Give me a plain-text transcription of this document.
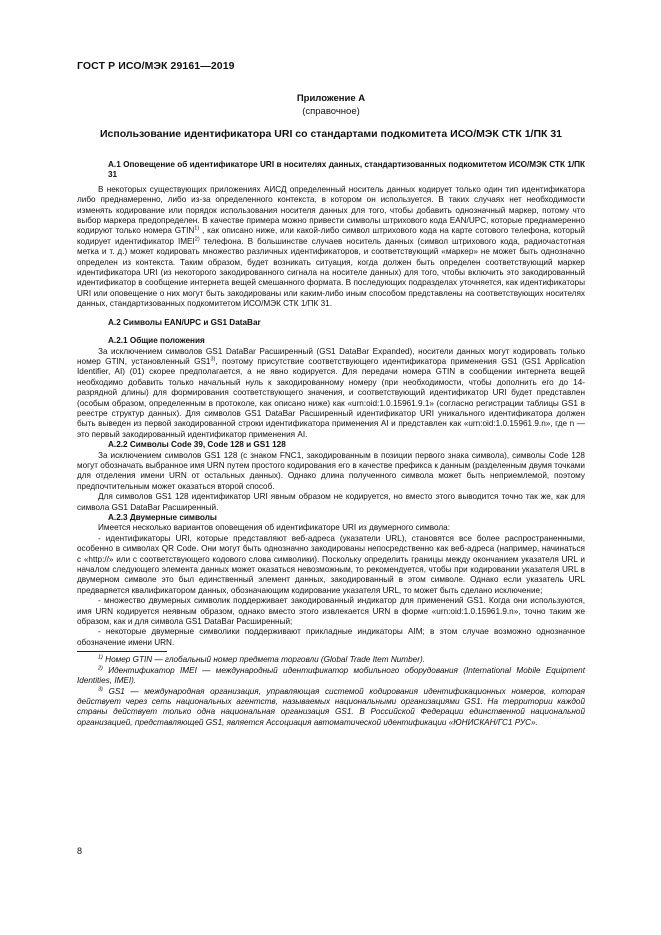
ГОСТ Р ИСО/МЭК 29161—2019
Приложение А
(справочное)
Использование идентификатора URI со стандартами подкомитета ИСО/МЭК СТК 1/ПК 31

А.1 Оповещение об идентификаторе URI в носителях данных, стандартизованных подкомитетом ИСО/МЭК СТК 1/ПК 31

В некоторых существующих приложениях АИСД определенный носитель данных кодирует только один тип идентификатора либо преднамеренно, либо из-за определенного контекста, в котором он используется. В таких случаях нет необходимости изменять кодирование или порядок использования носителя данных для того, чтобы добавить однозначный маркер, потому что выбор маркера предопределен. В качестве примера можно привести символы штрихового кода EAN/UPC, которые преднамеренно кодируют только номера GTIN$^{1)}$ , как описано ниже, или какой-либо символ штрихового кода на карте сотового телефона, который кодирует идентификатор IMEI$^{2)}$ телефона. В большинстве случаев носитель данных (символ штрихового кода, радиочастотная метка и т. д.) может кодировать множество различных идентификаторов, и соответствующий «маркер» не может быть однозначно определен из контекста. Таким образом, будет возникать ситуация, когда должен быть определен соответствующий маркер идентификатора URI (из некоторого закодированного сигнала на носителе данных) для того, чтобы включить это закодированный идентификатор в сообщение интернета вещей смешанного формата. В последующих подразделах уточняется, как идентификаторы URI или оповещение о них могут быть закодированы или каким-либо иным способом представлены на соответствующих носителях данных, стандартизованных подкомитетом ИСО/МЭК СТК 1/ПК 31.

А.2 Символы EAN/UPC и GS1 DataBar

А.2.1 Общие положения

За исключением символов GS1 DataBar Расширенный (GS1 DataBar Expanded), носители данных могут кодировать только номер GTIN, установленный GS1$^{3)}$, поэтому присутствие соответствующего идентификатора применения GS1 (GS1 Application Identifier, AI) (01) скорее предполагается, а не явно кодируется. Для передачи номера GTIN в сообщении интернета вещей необходимо добавить только начальный нуль к закодированному номеру (при необходимости, чтобы дополнить его до 14-разрядной длины) для формирования соответствующего значения, и соответствующий идентификатор URI будет представлен (особым образом, определенным в протоколе, как описано ниже) как «urn:oid:1.0.15961.9.1» (согласно регистрации таблицы GS1 в реестре структур данных). Для символов GS1 DataBar Расширенный идентификатор URI уникального идентификатора должен быть выведен из первой закодированной строки идентификатора применения AI и представлен как «urn:oid:1.0.15961.9.n», где n — это первый закодированный идентификатор применения AI.

А.2.2 Символы Code 39, Code 128 и GS1 128

За исключением символов GS1 128 (с знаком FNC1, закодированным в позиции первого знака символа), символы Code 128 могут обозначать выбранное имя URN путем простого кодирования его в качестве префикса к данным (разделенным двумя точками для отделения имени URN от остальных данных). Однако длина полученного символа может быть неприемлемой, поэтому предпочтительным может оказаться второй способ.

Для символов GS1 128 идентификатор URI явным образом не кодируется, но вместо этого выводится точно так же, как для символа GS1 DataBar Расширенный.

А.2.3 Двумерные символы

Имеется несколько вариантов оповещения об идентификаторе URI из двумерного символа:

- идентификаторы URI, которые представляют веб-адреса (указатели URL), становятся все более распространенными, особенно в символах QR Code. Они могут быть однозначно закодированы непосредственно как веб-адреса (например, начинаться с «http://» или с соответствующего кодового слова символики). Поскольку определить границы между окончанием указателя URL и началом следующего элемента данных может оказаться невозможным, то рекомендуется, чтобы при кодировании указателя URL в двумерном символе это был единственный элемент данных, закодированный в этом символе. Однако если указатель URL предваряется квалификатором данных, обозначающим кодирование указателя URL, то может быть сделано исключение;

- множество двумерных символик поддерживает закодированный индикатор для применений GS1. Когда они используются, имя URN кодируется неявным образом, однако вместо этого извлекается URN в форме «urn:oid:1.0.15961.9.n», точно таким же образом, как и для символа GS1 DataBar Расширенный;

- некоторые двумерные символики поддерживают прикладные индикаторы AIM; в этом случае возможно однозначное обозначение имени URN.

$^{1)}$ Номер GTIN — глобальный номер предмета торговли (Global Trade Item Number).

$^{2)}$ Идентификатор IMEI — международный идентификатор мобильного оборудования (International Mobile Equipment Identities, IMEI).

$^{3)}$ GS1 — международная организация, управляющая системой кодирования идентификационных номеров, которая действует через сеть национальных агентств, называемых национальными организациями GS1. На территории каждой страны действует только одна национальная организация GS1. В Российской Федерации единственной национальной организацией, представляющей GS1, является Ассоциация автоматической идентификации «ЮНИСКАН/ГС1 РУС».

8
